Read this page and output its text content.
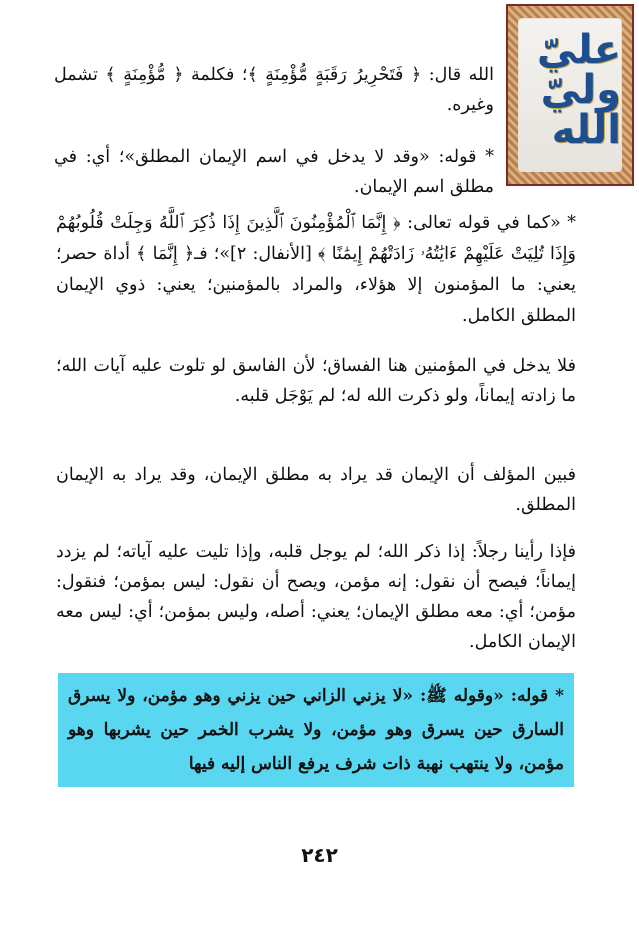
عليّ وليّ الله

الله قال: ﴿ فَتَحْرِيرُ رَقَبَةٍ مُّؤْمِنَةٍ ﴾؛ فكلمة ﴿ مُّؤْمِنَةٍ ﴾ تشمل وغيره.

* قوله: «وقد لا يدخل في اسم الإيمان المطلق»؛ أي: في مطلق اسم الإيمان.

* «كما في قوله تعالى: ﴿ إِنَّمَا ٱلْمُؤْمِنُونَ ٱلَّذِينَ إِذَا ذُكِرَ ٱللَّهُ وَجِلَتْ قُلُوبُهُمْ وَإِذَا تُلِيَتْ عَلَيْهِمْ ءَايَٰتُهُۥ زَادَتْهُمْ إِيمَٰنًا ﴾ [الأنفال: ٢]»؛ فـ﴿ إِنَّمَا ﴾ أداة حصر؛ يعني: ما المؤمنون إلا هؤلاء، والمراد بالمؤمنين؛ يعني: ذوي الإيمان المطلق الكامل.

فلا يدخل في المؤمنين هنا الفساق؛ لأن الفاسق لو تلوت عليه آيات الله؛ ما زادته إيماناً، ولو ذكرت الله له؛ لم يَوْجَل قلبه.

فبين المؤلف أن الإيمان قد يراد به مطلق الإيمان، وقد يراد به الإيمان المطلق.

فإذا رأينا رجلاً: إذا ذكر الله؛ لم يوجل قلبه، وإذا تليت عليه آياته؛ لم يزدد إيماناً؛ فيصح أن نقول: إنه مؤمن، ويصح أن نقول: ليس بمؤمن؛ فنقول: مؤمن؛ أي: معه مطلق الإيمان؛ يعني: أصله، وليس بمؤمن؛ أي: ليس معه الإيمان الكامل.

* قوله: «وقوله ﷺ: «لا يزني الزاني حين يزني وهو مؤمن، ولا يسرق السارق حين يسرق وهو مؤمن، ولا يشرب الخمر حين يشربها وهو مؤمن، ولا ينتهب نهبة ذات شرف يرفع الناس إليه فيها

٢٤٢
